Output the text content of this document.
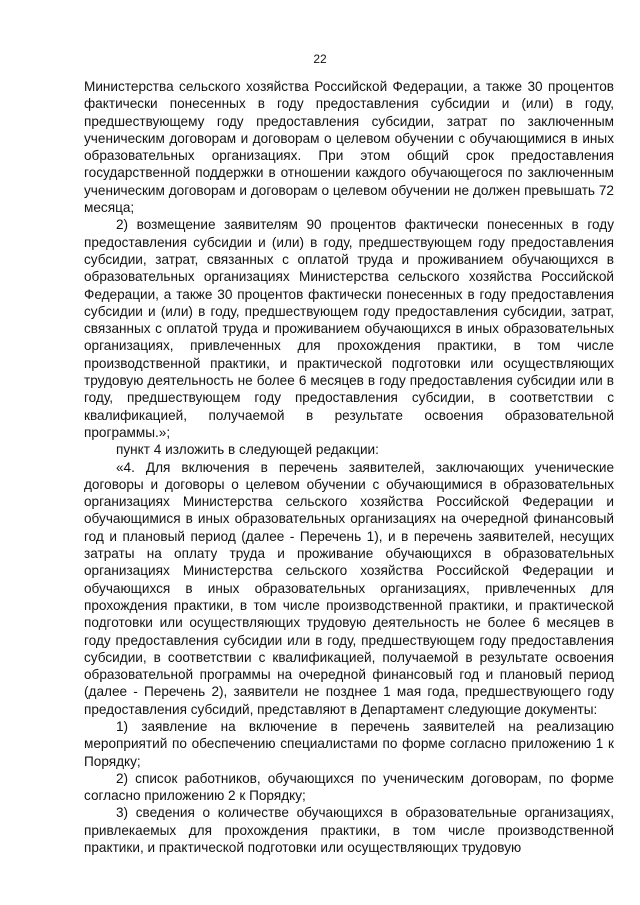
22

Министерства сельского хозяйства Российской Федерации, а также 30 процентов фактически понесенных в году предоставления субсидии и (или) в году, предшествующему году предоставления субсидии, затрат по заключенным ученическим договорам и договорам о целевом обучении с обучающимися в иных образовательных организациях. При этом общий срок предоставления государственной поддержки в отношении каждого обучающегося по заключенным ученическим договорам и договорам о целевом обучении не должен превышать 72 месяца;

2) возмещение заявителям 90 процентов фактически понесенных в году предоставления субсидии и (или) в году, предшествующем году предоставления субсидии, затрат, связанных с оплатой труда и проживанием обучающихся в образовательных организациях Министерства сельского хозяйства Российской Федерации, а также 30 процентов фактически понесенных в году предоставления субсидии и (или) в году, предшествующем году предоставления субсидии, затрат, связанных с оплатой труда и проживанием обучающихся в иных образовательных организациях, привлеченных для прохождения практики, в том числе производственной практики, и практической подготовки или осуществляющих трудовую деятельность не более 6 месяцев в году предоставления субсидии или в году, предшествующем году предоставления субсидии, в соответствии с квалификацией, получаемой в результате освоения образовательной программы.»;

пункт 4 изложить в следующей редакции:

«4. Для включения в перечень заявителей, заключающих ученические договоры и договоры о целевом обучении с обучающимися в образовательных организациях Министерства сельского хозяйства Российской Федерации и обучающимися в иных образовательных организациях на очередной финансовый год и плановый период (далее - Перечень 1), и в перечень заявителей, несущих затраты на оплату труда и проживание обучающихся в образовательных организациях Министерства сельского хозяйства Российской Федерации и обучающихся в иных образовательных организациях, привлеченных для прохождения практики, в том числе производственной практики, и практической подготовки или осуществляющих трудовую деятельность не более 6 месяцев в году предоставления субсидии или в году, предшествующем году предоставления субсидии, в соответствии с квалификацией, получаемой в результате освоения образовательной программы на очередной финансовый год и плановый период (далее - Перечень 2), заявители не позднее 1 мая года, предшествующего году предоставления субсидий, представляют в Департамент следующие документы:

1) заявление на включение в перечень заявителей на реализацию мероприятий по обеспечению специалистами по форме согласно приложению 1 к Порядку;

2) список работников, обучающихся по ученическим договорам, по форме согласно приложению 2 к Порядку;

3) сведения о количестве обучающихся в образовательные организациях, привлекаемых для прохождения практики, в том числе производственной практики, и практической подготовки или осуществляющих трудовую
